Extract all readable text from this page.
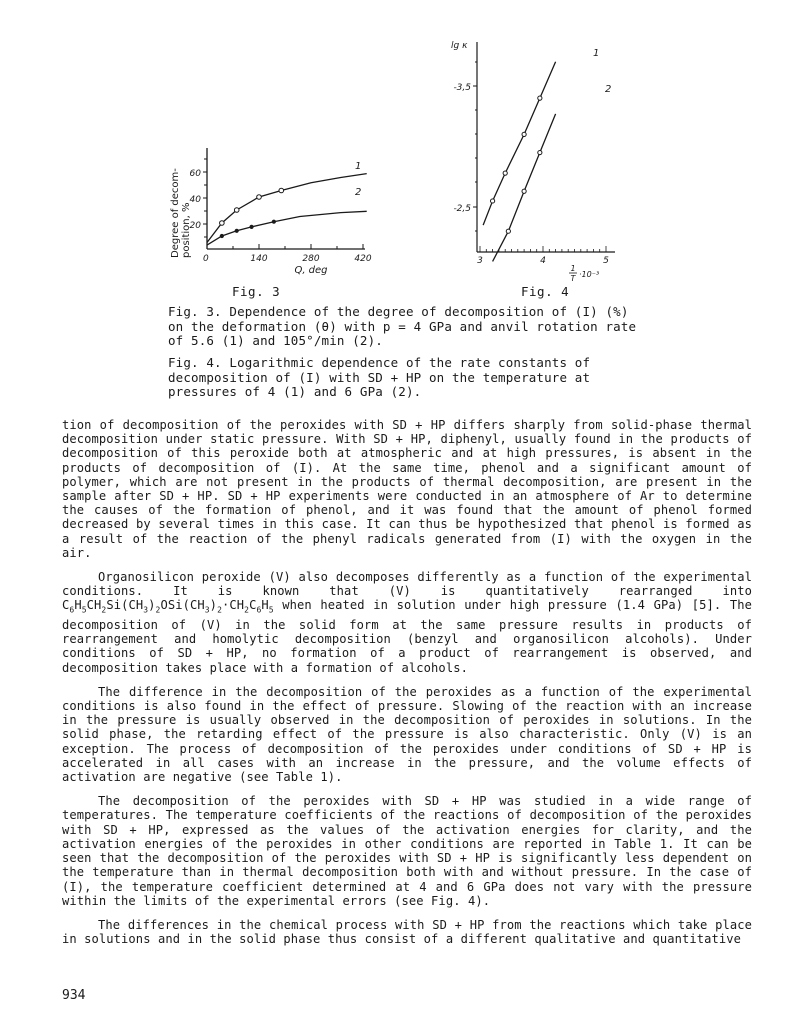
Degree of decom- position, %
60
40
20
0	140	280	420
Q, deg
1
2
Fig. 3
lg κ
-3,5
-2,5
3	4	5
1
T ·10⁻³
1
2
Fig. 4

Fig. 3. Dependence of the degree of decomposition of (I) (%) on the deformation (θ) with p = 4 GPa and anvil rotation rate of 5.6 (1) and 105°/min (2).

Fig. 4. Logarithmic dependence of the rate constants of decomposition of (I) with SD + HP on the temperature at pressures of 4 (1) and 6 GPa (2).

tion of decomposition of the peroxides with SD + HP differs sharply from solid-phase thermal decomposition under static pressure. With SD + HP, diphenyl, usually found in the products of decomposition of this peroxide both at atmospheric and at high pressures, is absent in the products of decomposition of (I). At the same time, phenol and a significant amount of polymer, which are not present in the products of thermal decomposition, are present in the sample after SD + HP. SD + HP experiments were conducted in an atmosphere of Ar to determine the causes of the formation of phenol, and it was found that the amount of phenol formed decreased by several times in this case. It can thus be hypothesized that phenol is formed as a result of the reaction of the phenyl radicals generated from (I) with the oxygen in the air.

Organosilicon peroxide (V) also decomposes differently as a function of the experimental conditions. It is known that (V) is quantitatively rearranged into $C_6H_5CH_2Si(CH_3)_2OSi(CH_3)_2\cdot CH_2C_6H_5$ when heated in solution under high pressure (1.4 GPa) [5]. The decomposition of (V) in the solid form at the same pressure results in products of rearrangement and homolytic decomposition (benzyl and organosilicon alcohols). Under conditions of SD + HP, no formation of a product of rearrangement is observed, and decomposition takes place with a formation of alcohols.

The difference in the decomposition of the peroxides as a function of the experimental conditions is also found in the effect of pressure. Slowing of the reaction with an increase in the pressure is usually observed in the decomposition of peroxides in solutions. In the solid phase, the retarding effect of the pressure is also characteristic. Only (V) is an exception. The process of decomposition of the peroxides under conditions of SD + HP is accelerated in all cases with an increase in the pressure, and the volume effects of activation are negative (see Table 1).

The decomposition of the peroxides with SD + HP was studied in a wide range of temperatures. The temperature coefficients of the reactions of decomposition of the peroxides with SD + HP, expressed as the values of the activation energies for clarity, and the activation energies of the peroxides in other conditions are reported in Table 1. It can be seen that the decomposition of the peroxides with SD + HP is significantly less dependent on the temperature than in thermal decomposition both with and without pressure. In the case of (I), the temperature coefficient determined at 4 and 6 GPa does not vary with the pressure within the limits of the experimental errors (see Fig. 4).

The differences in the chemical process with SD + HP from the reactions which take place in solutions and in the solid phase thus consist of a different qualitative and quantitative

934
